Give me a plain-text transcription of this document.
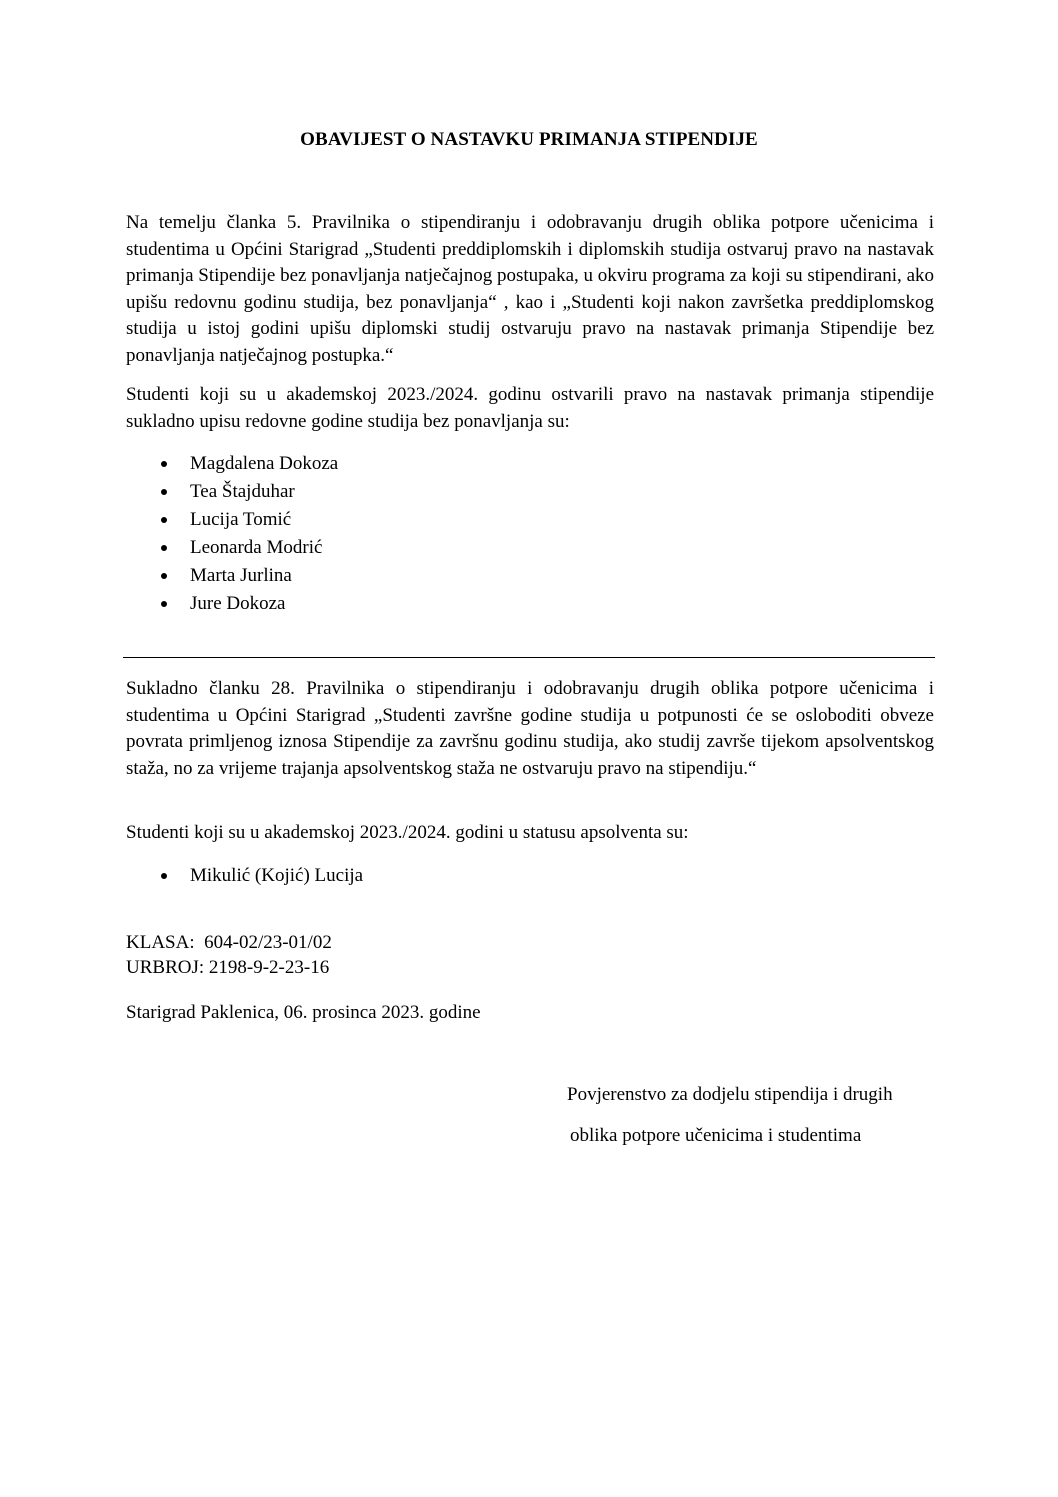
OBAVIJEST O NASTAVKU PRIMANJA STIPENDIJE

Na temelju članka 5. Pravilnika o stipendiranju i odobravanju drugih oblika potpore učenicima i studentima u Općini Starigrad „Studenti preddiplomskih i diplomskih studija ostvaruj pravo na nastavak primanja Stipendije bez ponavljanja natječajnog postupaka, u okviru programa za koji su stipendirani, ako upišu redovnu godinu studija, bez ponavljanja“ , kao i „Studenti koji nakon završetka preddiplomskog studija u istoj godini upišu diplomski studij ostvaruju pravo na nastavak primanja Stipendije bez ponavljanja natječajnog postupka.“

Studenti koji su u akademskoj 2023./2024. godinu ostvarili pravo na nastavak primanja stipendije sukladno upisu redovne godine studija bez ponavljanja su:

Magdalena Dokoza
Tea Štajduhar
Lucija Tomić
Leonarda Modrić
Marta Jurlina
Jure Dokoza

Sukladno članku 28. Pravilnika o stipendiranju i odobravanju drugih oblika potpore učenicima i studentima u Općini Starigrad „Studenti završne godine studija u potpunosti će se osloboditi obveze povrata primljenog iznosa Stipendije za završnu godinu studija, ako studij završe tijekom apsolventskog staža, no za vrijeme trajanja apsolventskog staža ne ostvaruju pravo na stipendiju.“

Studenti koji su u akademskoj 2023./2024. godini u statusu apsolventa su:

Mikulić (Kojić) Lucija
KLASA:  604-02/23-01/02
URBROJ: 2198-9-2-23-16
Starigrad Paklenica, 06. prosinca 2023. godine
Povjerenstvo za dodjelu stipendija i drugih
oblika potpore učenicima i studentima
